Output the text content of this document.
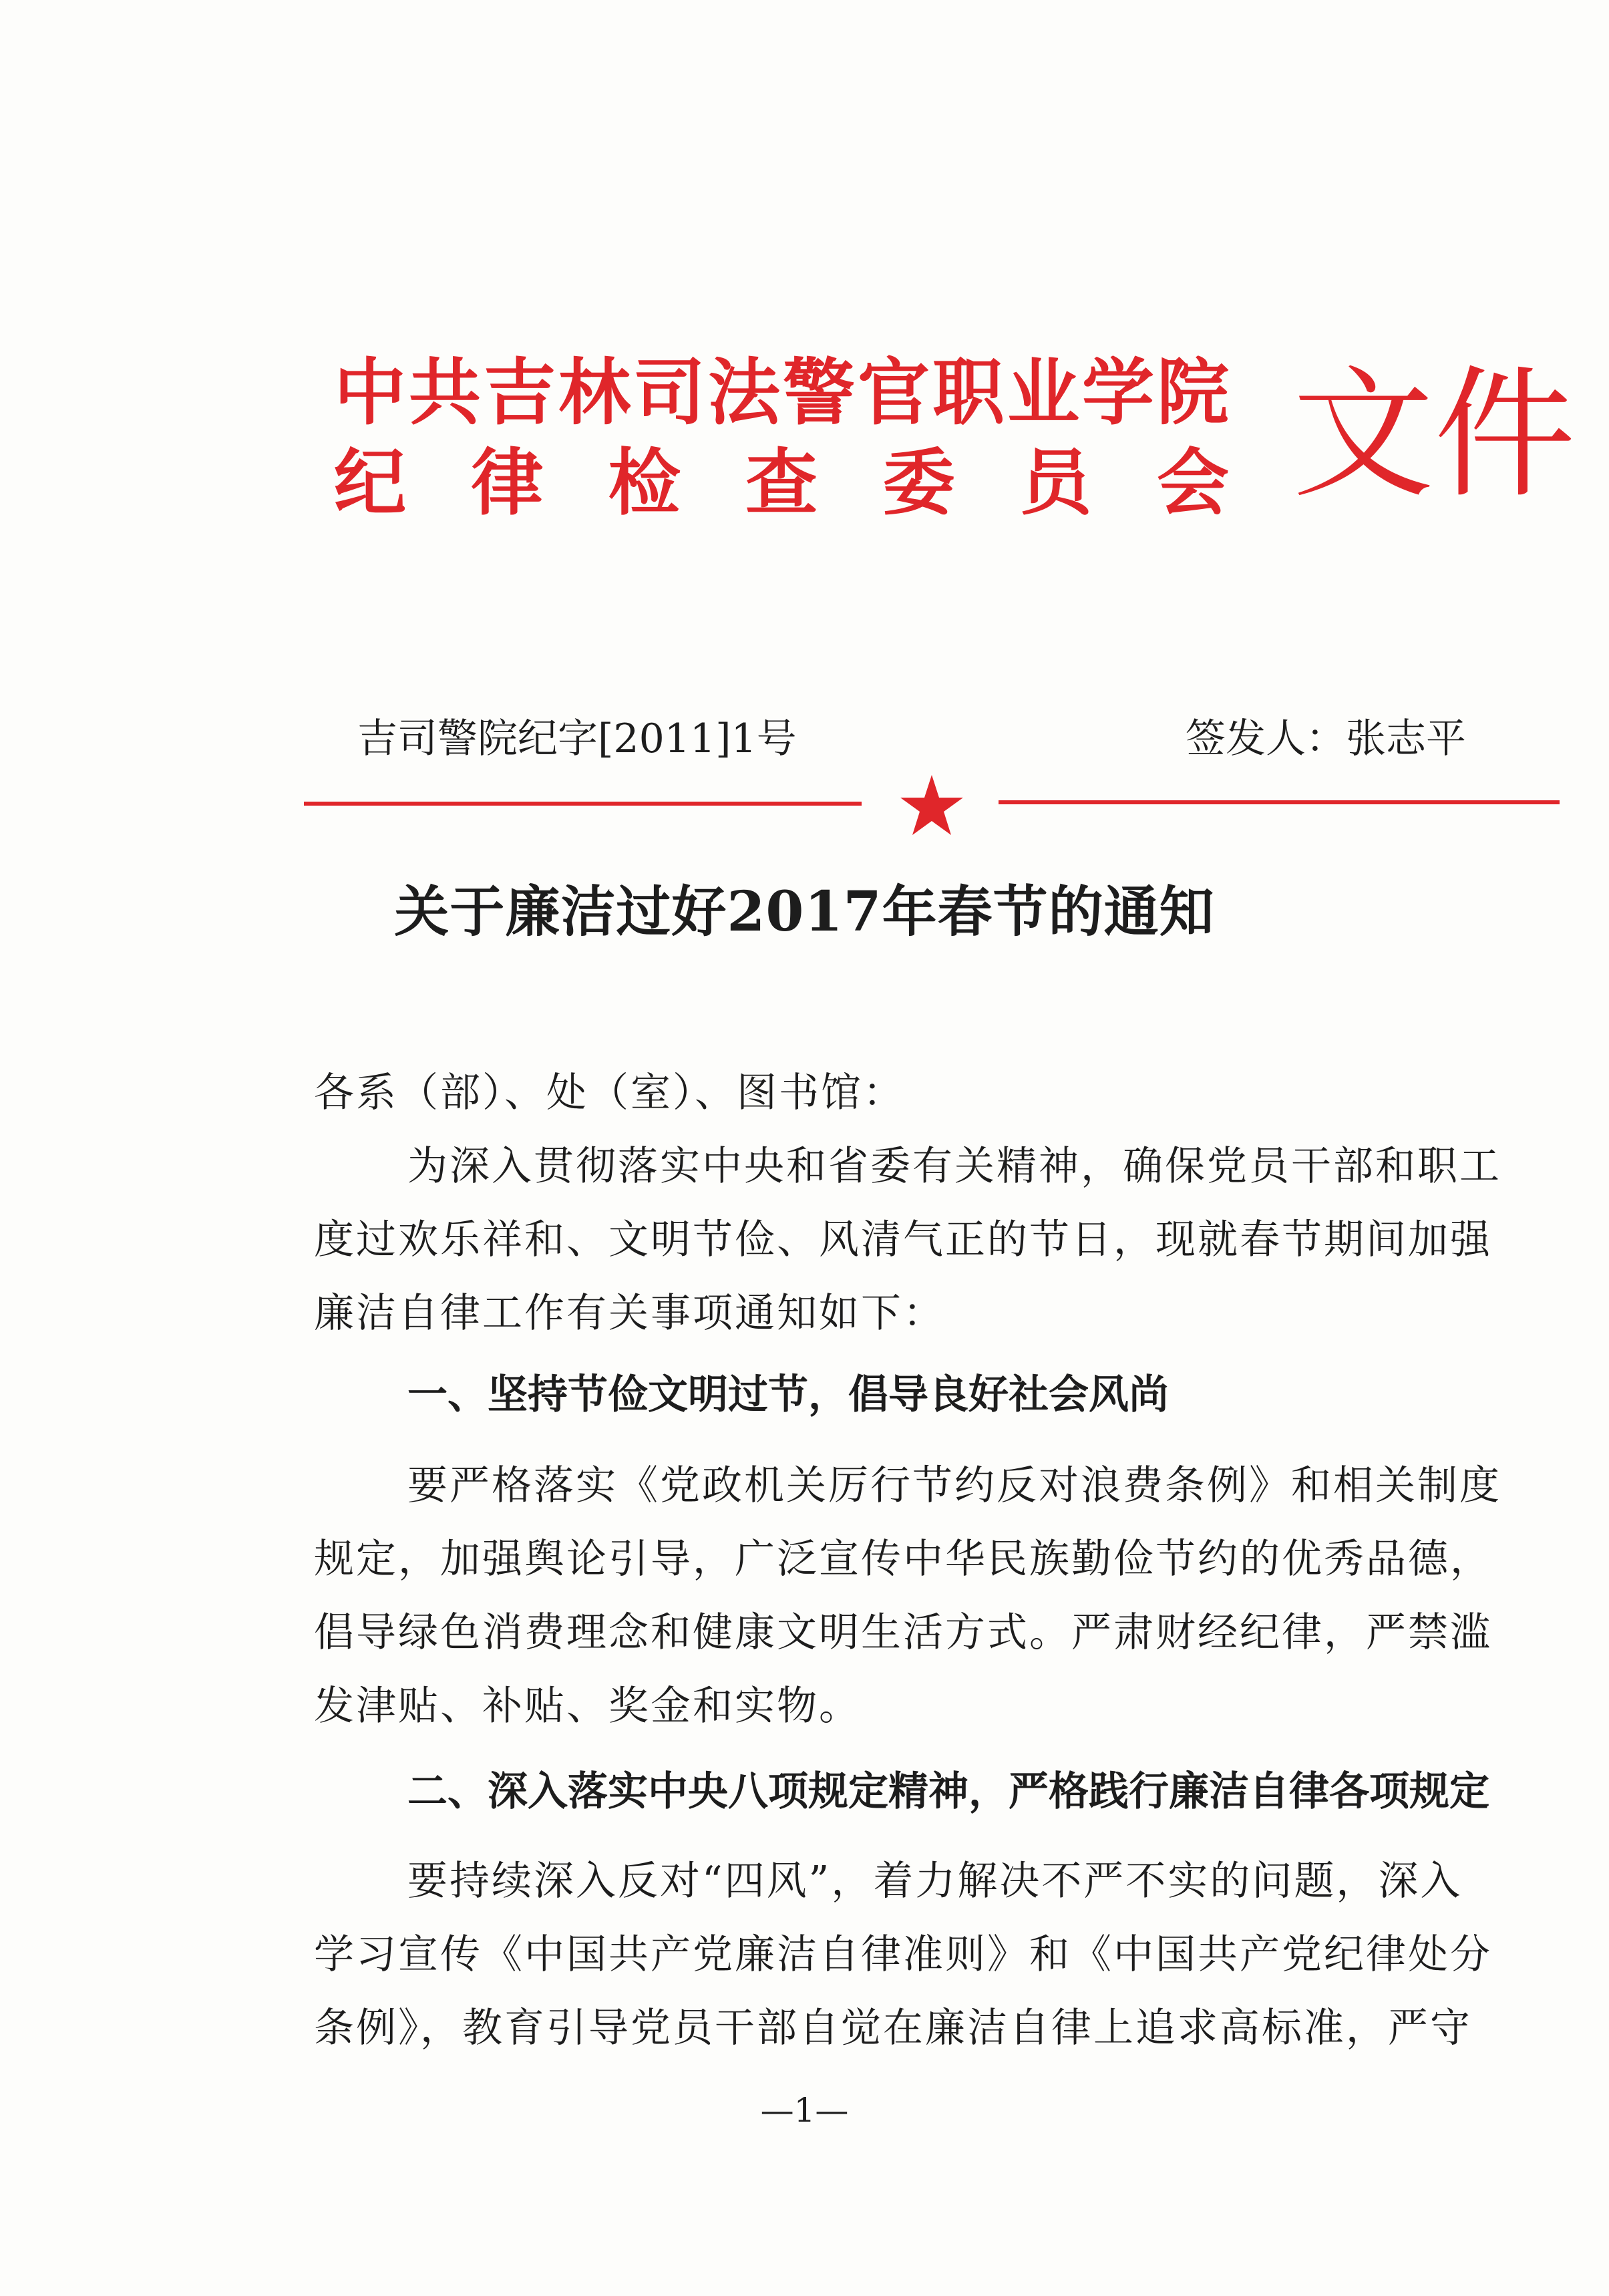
中共吉林司法警官职业学院
纪 律 检 查 委 员 会 文件
吉司警院纪字[2011]1号	签发人：张志平
关于廉洁过好2017年春节的通知
各系（部）、处（室）、图书馆：
为深入贯彻落实中央和省委有关精神，确保党员干部和职工
度过欢乐祥和、文明节俭、风清气正的节日，现就春节期间加强
廉洁自律工作有关事项通知如下：
一、坚持节俭文明过节，倡导良好社会风尚
要严格落实《党政机关厉行节约反对浪费条例》和相关制度
规定，加强舆论引导，广泛宣传中华民族勤俭节约的优秀品德，
倡导绿色消费理念和健康文明生活方式。严肃财经纪律，严禁滥
发津贴、补贴、奖金和实物。
二、深入落实中央八项规定精神，严格践行廉洁自律各项规定
要持续深入反对“四风”，着力解决不严不实的问题，深入
学习宣传《中国共产党廉洁自律准则》和《中国共产党纪律处分
条例》，教育引导党员干部自觉在廉洁自律上追求高标准，严守
—1—
